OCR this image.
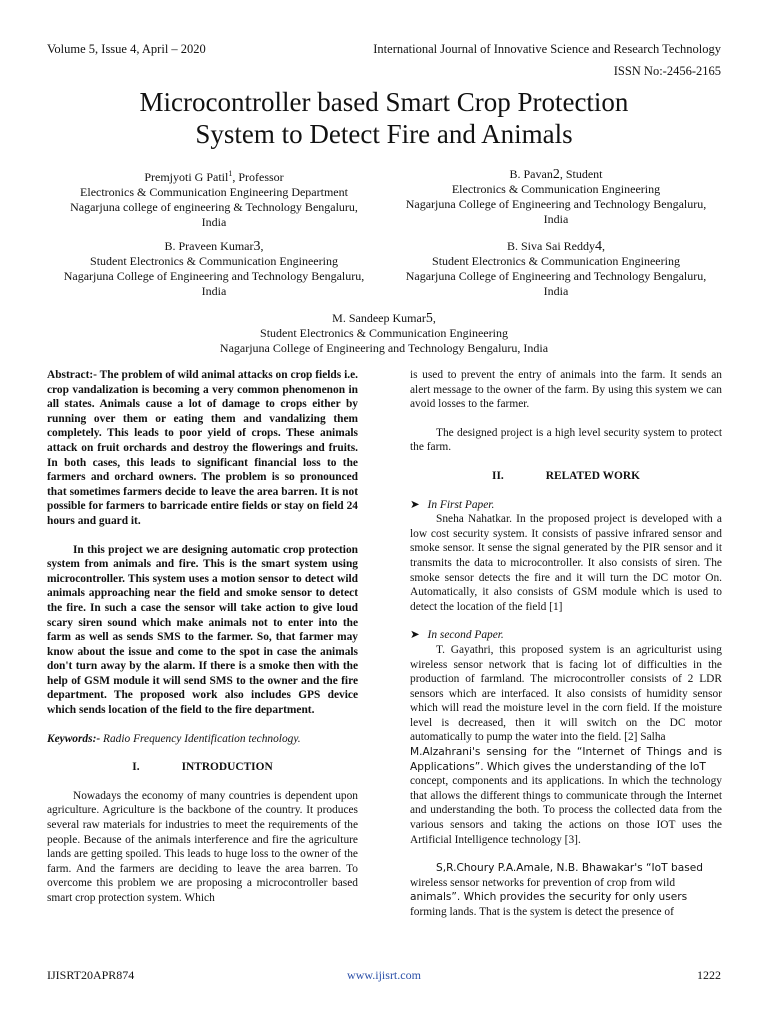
Volume 5, Issue 4, April – 2020	International Journal of Innovative Science and Research Technology
ISSN No:-2456-2165
Microcontroller based Smart Crop Protection
System to Detect Fire and Animals
Premjyoti G Patil$^1$, Professor
Electronics & Communication Engineering Department
Nagarjuna college of engineering & Technology Bengaluru,
India
B. Pavan2, Student
Electronics & Communication Engineering
Nagarjuna College of Engineering and Technology Bengaluru,
India
B. Praveen Kumar3,
Student Electronics & Communication Engineering
Nagarjuna College of Engineering and Technology Bengaluru,
India
B. Siva Sai Reddy4,
Student Electronics & Communication Engineering
Nagarjuna College of Engineering and Technology Bengaluru,
India
M. Sandeep Kumar5,
Student Electronics & Communication Engineering
Nagarjuna College of Engineering and Technology Bengaluru, India

Abstract:- The problem of wild animal attacks on crop fields i.e. crop vandalization is becoming a very common phenomenon in all states. Animals cause a lot of damage to crops either by running over them or eating them and vandalizing them completely. This leads to poor yield of crops. These animals attack on fruit orchards and destroy the flowerings and fruits. In both cases, this leads to significant financial loss to the farmers and orchard owners. The problem is so pronounced that sometimes farmers decide to leave the area barren. It is not possible for farmers to barricade entire fields or stay on field 24 hours and guard it.

In this project we are designing automatic crop protection system from animals and fire. This is the smart system using microcontroller. This system uses a motion sensor to detect wild animals approaching near the field and smoke sensor to detect the fire. In such a case the sensor will take action to give loud scary siren sound which make animals not to enter into the farm as well as sends SMS to the farmer. So, that farmer may know about the issue and come to the spot in case the animals don't turn away by the alarm. If there is a smoke then with the help of GSM module it will send SMS to the owner and the fire department. The proposed work also includes GPS device which sends location of the field to the fire department.

Keywords:- Radio Frequency Identification technology.

I.	INTRODUCTION

Nowadays the economy of many countries is dependent upon agriculture. Agriculture is the backbone of the country. It produces several raw materials for industries to meet the requirements of the people. Because of the animals interference and fire the agriculture lands are getting spoiled. This leads to huge loss to the owner of the farm. And the farmers are deciding to leave the area barren. To overcome this problem we are proposing a microcontroller based smart crop protection system. Which

is used to prevent the entry of animals into the farm. It sends an alert message to the owner of the farm. By using this system we can avoid losses to the farmer.

The designed project is a high level security system to protect the farm.

II.	RELATED WORK

➤ In First Paper.

Sneha Nahatkar. In the proposed project is developed with a low cost security system. It consists of passive infrared sensor and smoke sensor. It sense the signal generated by the PIR sensor and it transmits the data to microcontroller. It also consists of siren. The smoke sensor detects the fire and it will turn the DC motor On. Automatically, it also consists of GSM module which is used to detect the location of the field [1]

➤ In second Paper.

T. Gayathri, this proposed system is an agriculturist using wireless sensor network that is facing lot of difficulties in the production of farmland. The microcontroller consists of 2 LDR sensors which are interfaced. It also consists of humidity sensor which will read the moisture level in the corn field. If the moisture level is decreased, then it will switch on the DC motor automatically to pump the water into the field. [2] Salha

M.Alzahrani's sensing for the “Internet of Things and is Applications”. Which gives the understanding of the IoT

concept, components and its applications. In which the technology that allows the different things to communicate through the Internet and understanding the both. To process the collected data from the various sensors and taking the actions on those IOT uses the Artificial Intelligence technology [3].

S,R.Choury P.A.Amale, N.B. Bhawakar's “IoT based

wireless sensor networks for prevention of crop from wild

animals”. Which provides the security for only users

forming lands. That is the system is detect the presence of

IJISRT20APR874	www.ijisrt.com	1222
